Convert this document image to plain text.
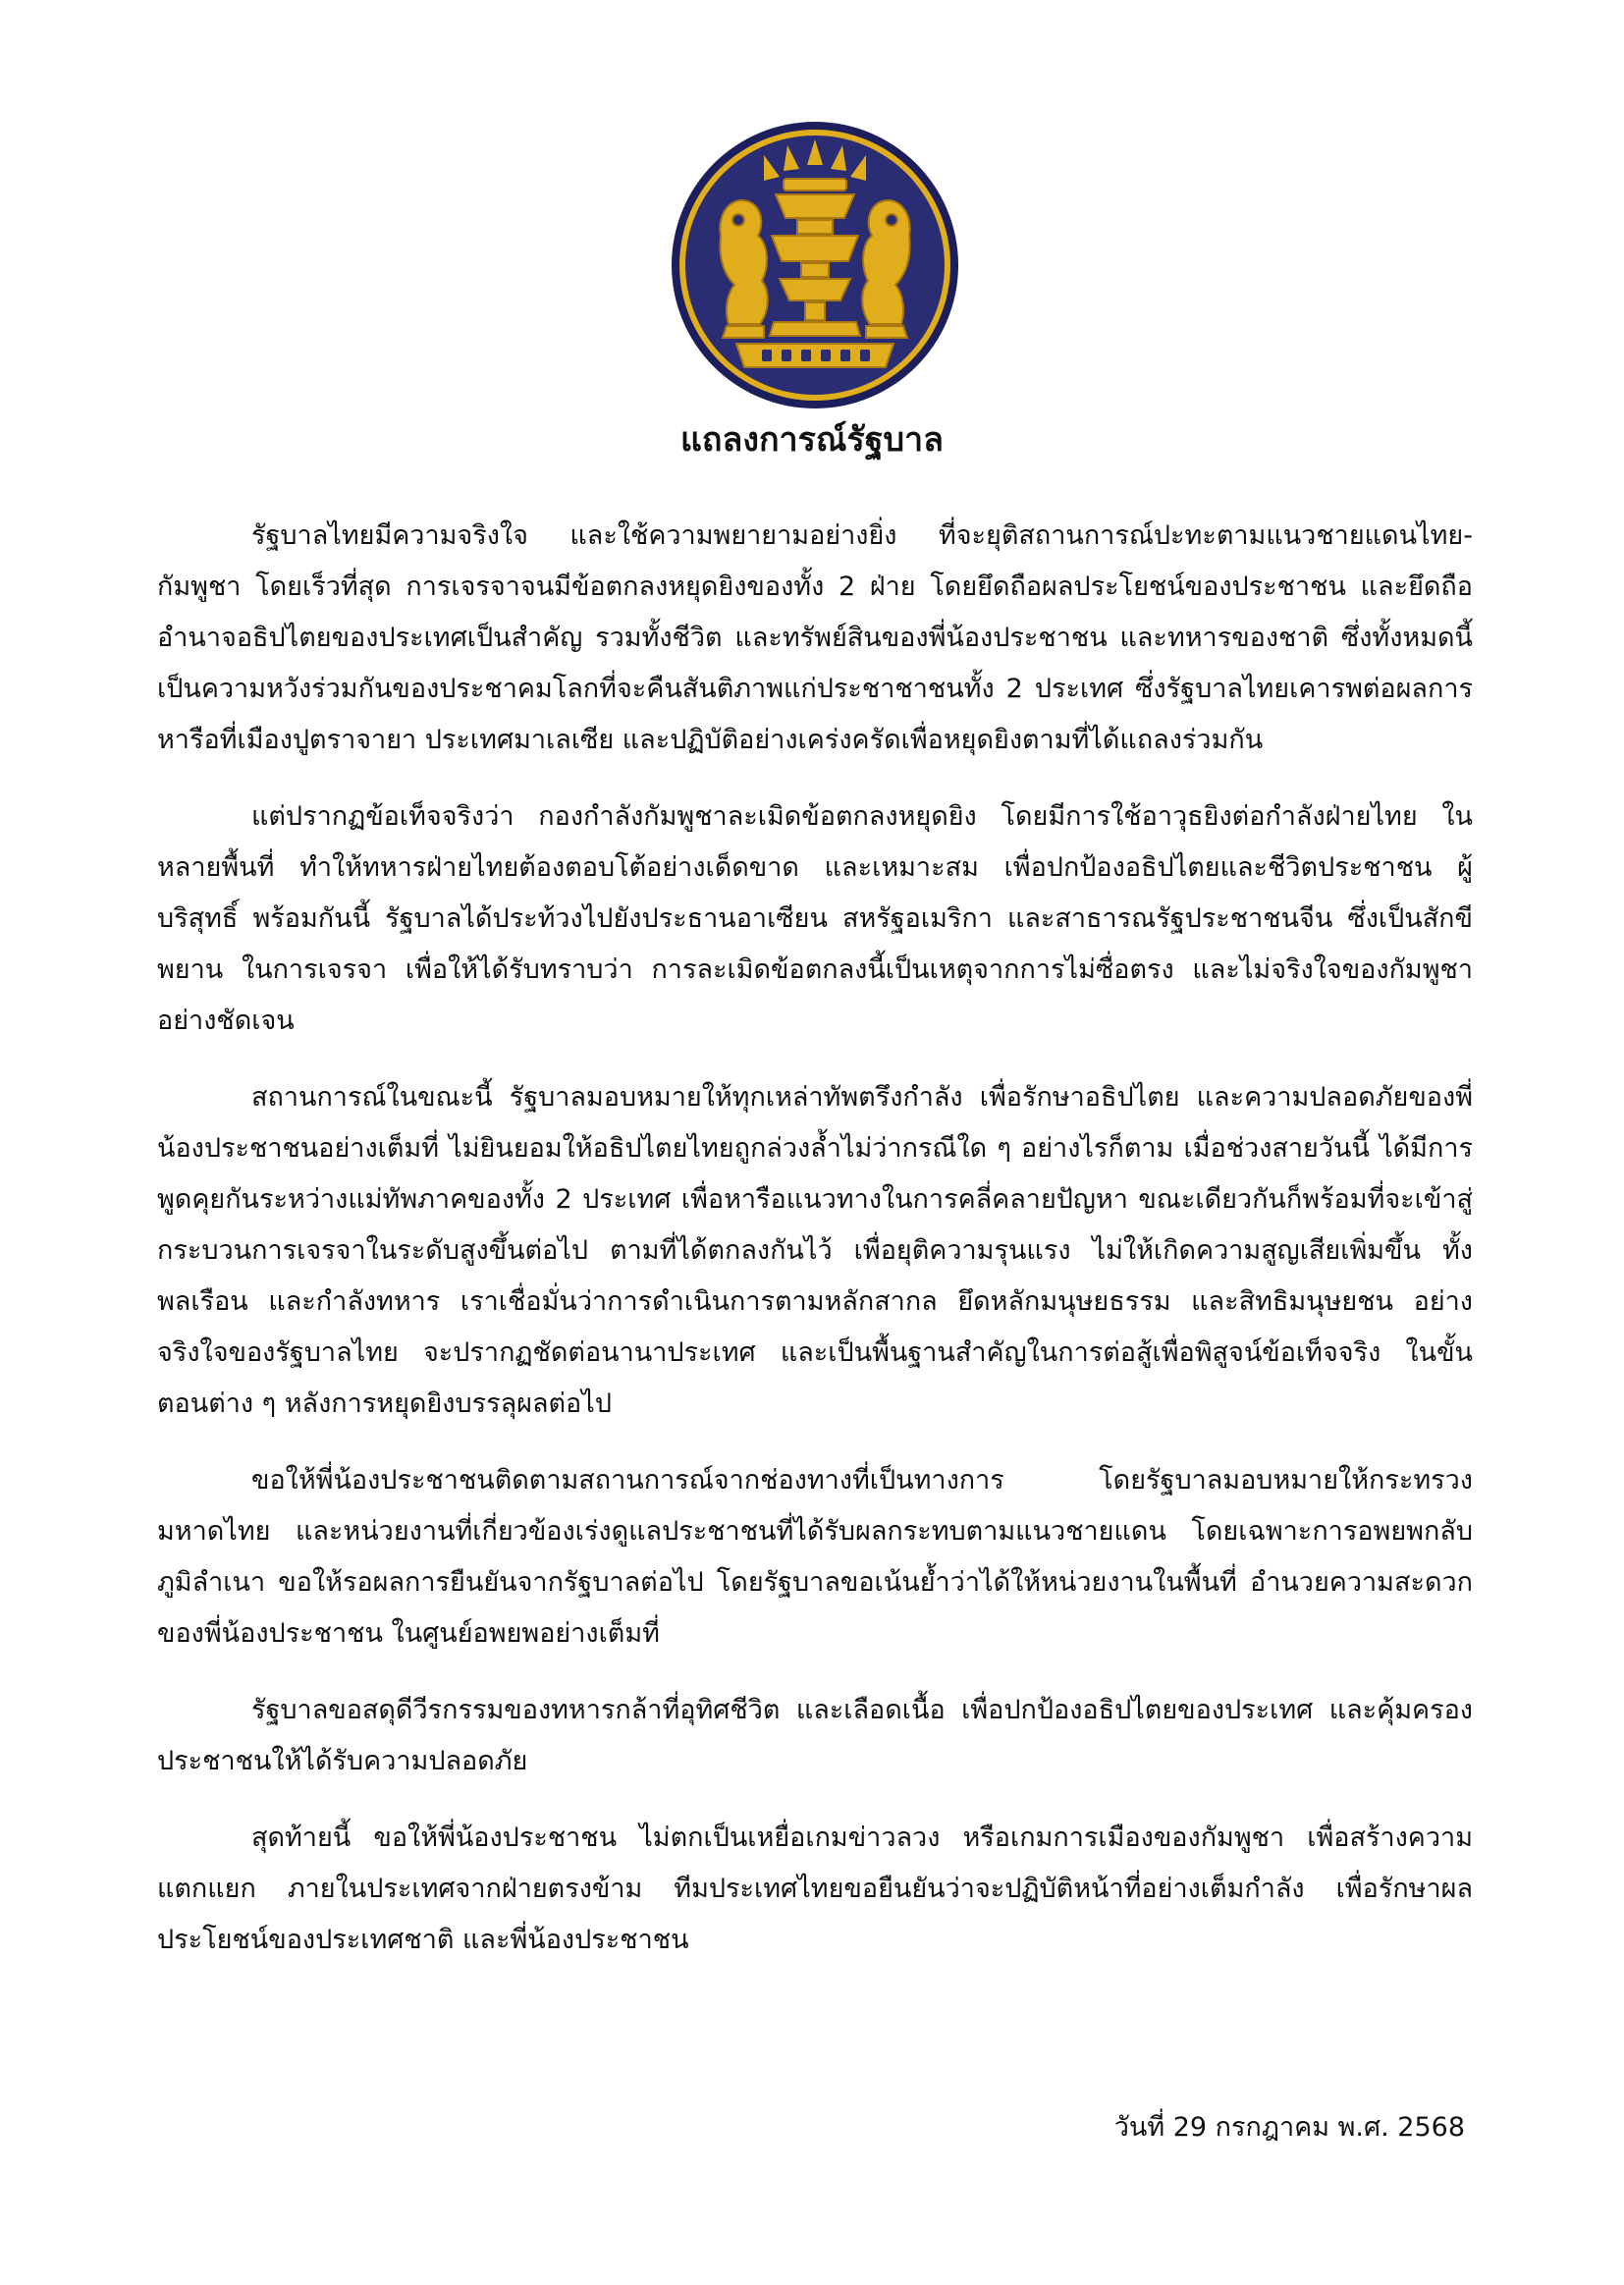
แถลงการณ์รัฐบาล

รัฐบาลไทยมีความจริงใจ และใช้ความพยายามอย่างยิ่ง ที่จะยุติสถานการณ์ปะทะตามแนวชายแดนไทย-กัมพูชา โดยเร็วที่สุด การเจรจาจนมีข้อตกลงหยุดยิงของทั้ง 2 ฝ่าย โดยยึดถือผลประโยชน์ของประชาชน และยึดถืออำนาจอธิปไตยของประเทศเป็นสำคัญ รวมทั้งชีวิต และทรัพย์สินของพี่น้องประชาชน และทหารของชาติ ซึ่งทั้งหมดนี้ เป็นความหวังร่วมกันของประชาคมโลกที่จะคืนสันติภาพแก่ประชาชาชนทั้ง 2 ประเทศ ซึ่งรัฐบาลไทยเคารพต่อผลการหารือที่เมืองปูตราจายา ประเทศมาเลเซีย และปฏิบัติอย่างเคร่งครัดเพื่อหยุดยิงตามที่ได้แถลงร่วมกัน

แต่ปรากฏข้อเท็จจริงว่า กองกำลังกัมพูชาละเมิดข้อตกลงหยุดยิง โดยมีการใช้อาวุธยิงต่อกำลังฝ่ายไทย ในหลายพื้นที่ ทำให้ทหารฝ่ายไทยต้องตอบโต้อย่างเด็ดขาด และเหมาะสม เพื่อปกป้องอธิปไตยและชีวิตประชาชน ผู้บริสุทธิ์ พร้อมกันนี้ รัฐบาลได้ประท้วงไปยังประธานอาเซียน สหรัฐอเมริกา และสาธารณรัฐประชาชนจีน ซึ่งเป็นสักขีพยาน ในการเจรจา เพื่อให้ได้รับทราบว่า การละเมิดข้อตกลงนี้เป็นเหตุจากการไม่ซื่อตรง และไม่จริงใจของกัมพูชาอย่างชัดเจน

สถานการณ์ในขณะนี้ รัฐบาลมอบหมายให้ทุกเหล่าทัพตรึงกำลัง เพื่อรักษาอธิปไตย และความปลอดภัยของพี่น้องประชาชนอย่างเต็มที่ ไม่ยินยอมให้อธิปไตยไทยถูกล่วงล้ำไม่ว่ากรณีใด ๆ อย่างไรก็ตาม เมื่อช่วงสายวันนี้ ได้มีการพูดคุยกันระหว่างแม่ทัพภาคของทั้ง 2 ประเทศ เพื่อหารือแนวทางในการคลี่คลายปัญหา ขณะเดียวกันก็พร้อมที่จะเข้าสู่กระบวนการเจรจาในระดับสูงขึ้นต่อไป ตามที่ได้ตกลงกันไว้ เพื่อยุติความรุนแรง ไม่ให้เกิดความสูญเสียเพิ่มขึ้น ทั้งพลเรือน และกำลังทหาร เราเชื่อมั่นว่าการดำเนินการตามหลักสากล ยึดหลักมนุษยธรรม และสิทธิมนุษยชน อย่างจริงใจของรัฐบาลไทย จะปรากฏชัดต่อนานาประเทศ และเป็นพื้นฐานสำคัญในการต่อสู้เพื่อพิสูจน์ข้อเท็จจริง ในขั้นตอนต่าง ๆ หลังการหยุดยิงบรรลุผลต่อไป

ขอให้พี่น้องประชาชนติดตามสถานการณ์จากช่องทางที่เป็นทางการ โดยรัฐบาลมอบหมายให้กระทรวงมหาดไทย และหน่วยงานที่เกี่ยวข้องเร่งดูแลประชาชนที่ได้รับผลกระทบตามแนวชายแดน โดยเฉพาะการอพยพกลับภูมิลำเนา ขอให้รอผลการยืนยันจากรัฐบาลต่อไป โดยรัฐบาลขอเน้นย้ำว่าได้ให้หน่วยงานในพื้นที่ อำนวยความสะดวกของพี่น้องประชาชน ในศูนย์อพยพอย่างเต็มที่

รัฐบาลขอสดุดีวีรกรรมของทหารกล้าที่อุทิศชีวิต และเลือดเนื้อ เพื่อปกป้องอธิปไตยของประเทศ และคุ้มครองประชาชนให้ได้รับความปลอดภัย

สุดท้ายนี้ ขอให้พี่น้องประชาชน ไม่ตกเป็นเหยื่อเกมข่าวลวง หรือเกมการเมืองของกัมพูชา เพื่อสร้างความแตกแยก ภายในประเทศจากฝ่ายตรงข้าม ทีมประเทศไทยขอยืนยันว่าจะปฏิบัติหน้าที่อย่างเต็มกำลัง เพื่อรักษาผลประโยชน์ของประเทศชาติ และพี่น้องประชาชน

วันที่ 29 กรกฎาคม พ.ศ. 2568
